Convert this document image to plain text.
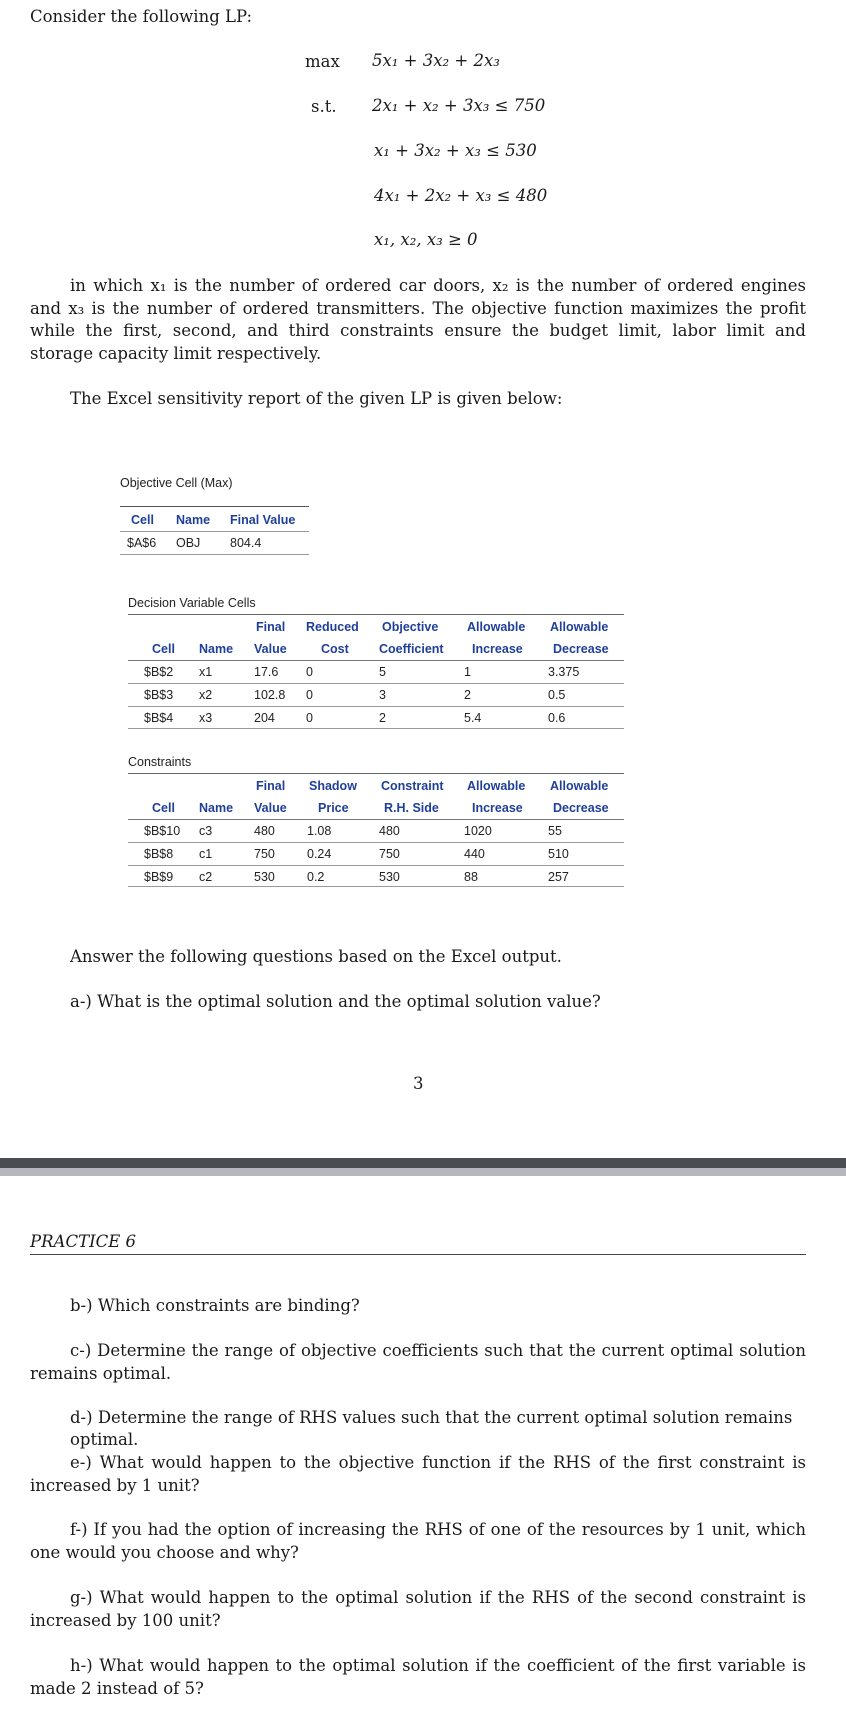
Consider the following LP:
max 5x₁ + 3x₂ + 2x₃
s.t. 2x₁ + x₂ + 3x₃ ≤ 750
x₁ + 3x₂ + x₃ ≤ 530
4x₁ + 2x₂ + x₃ ≤ 480
x₁, x₂, x₃ ≥ 0
in which x₁ is the number of ordered car doors, x₂ is the number of ordered engines and x₃ is the number of ordered transmitters. The objective function maximizes the profit while the first, second, and third constraints ensure the budget limit, labor limit and storage capacity limit respectively.
The Excel sensitivity report of the given LP is given below:
Objective Cell (Max)
Cell Name Final Value
$A$6 OBJ 804.4
Decision Variable Cells
Final Reduced Objective Allowable Allowable
Cell Name Value	Cost Coefficient Increase Decrease
$B$2 x1	17.6 0	5	1	3.375
$B$3 x2	102.8 0	3	2	0.5
$B$4 x3	204 0	2	5.4	0.6
Constraints
Final Shadow Constraint Allowable Allowable
Cell Name Value	Price	R.H. Side	Increase Decrease
$B$10 c3	480	1.08	480	1020	55
$B$8 c1	750	0.24	750	440	510
$B$9 c2	530	0.2	530	88	257
Answer the following questions based on the Excel output.
a-) What is the optimal solution and the optimal solution value?
3
PRACTICE 6
b-) Which constraints are binding?
c-) Determine the range of objective coefficients such that the current optimal solution remains optimal.
d-) Determine the range of RHS values such that the current optimal solution remains optimal.
e-) What would happen to the objective function if the RHS of the first constraint is increased by 1 unit?
f-) If you had the option of increasing the RHS of one of the resources by 1 unit, which one would you choose and why?
g-) What would happen to the optimal solution if the RHS of the second constraint is increased by 100 unit?
h-) What would happen to the optimal solution if the coefficient of the first variable is made 2 instead of 5?
